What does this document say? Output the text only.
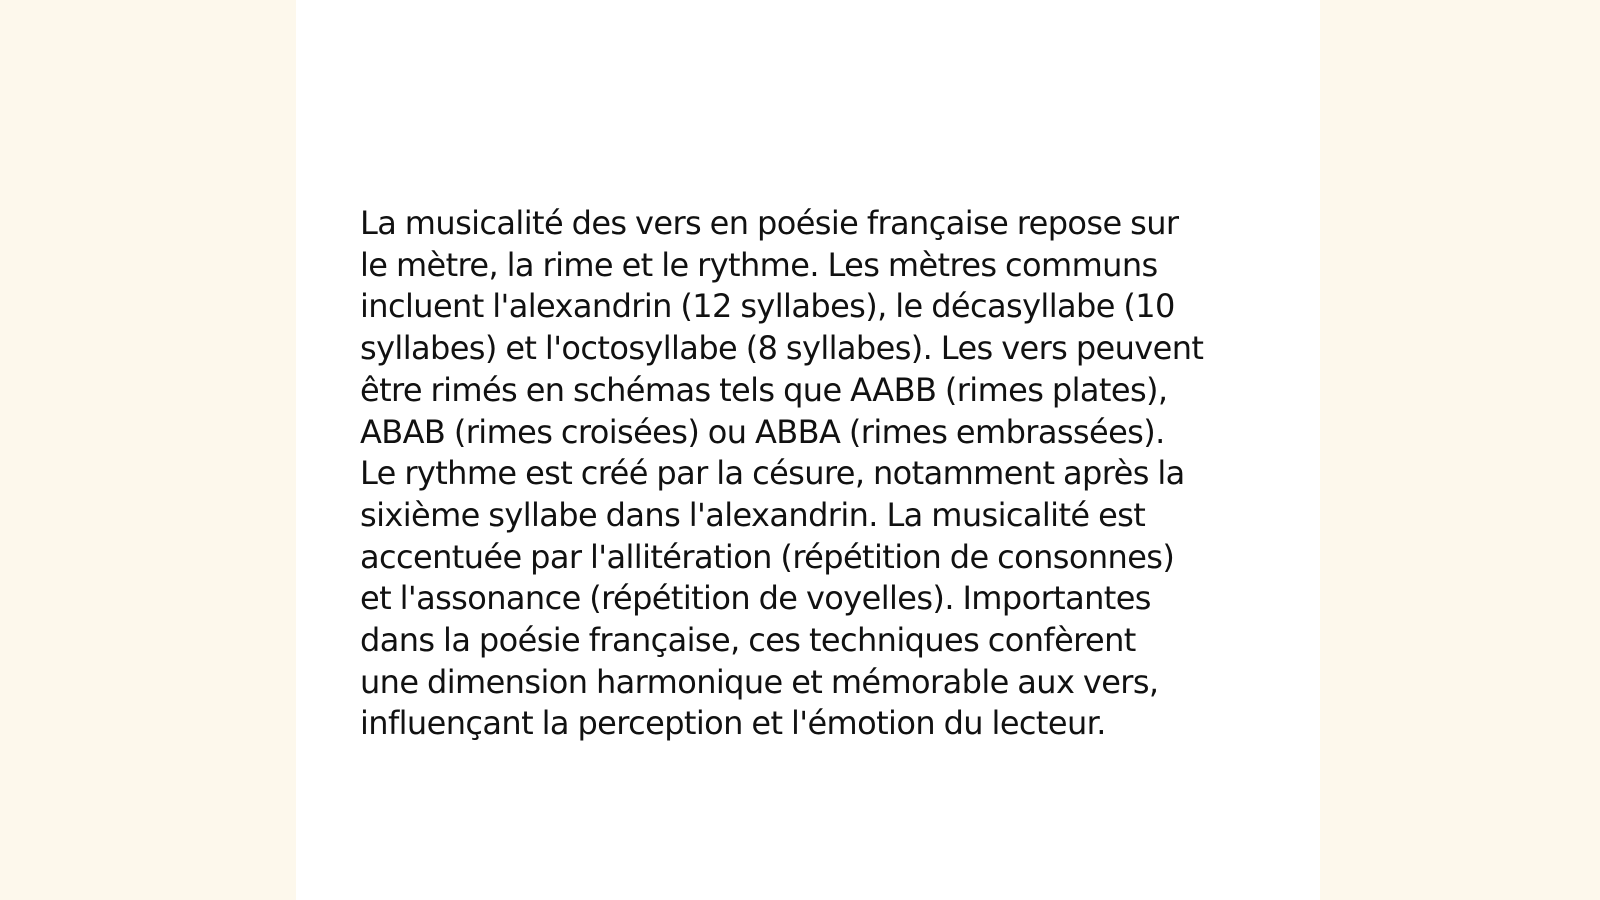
La musicalité des vers en poésie française repose sur
le mètre, la rime et le rythme. Les mètres communs
incluent l'alexandrin (12 syllabes), le décasyllabe (10
syllabes) et l'octosyllabe (8 syllabes). Les vers peuvent
être rimés en schémas tels que AABB (rimes plates),
ABAB (rimes croisées) ou ABBA (rimes embrassées).
Le rythme est créé par la césure, notamment après la
sixième syllabe dans l'alexandrin. La musicalité est
accentuée par l'allitération (répétition de consonnes)
et l'assonance (répétition de voyelles). Importantes
dans la poésie française, ces techniques confèrent
une dimension harmonique et mémorable aux vers,
influençant la perception et l'émotion du lecteur.
